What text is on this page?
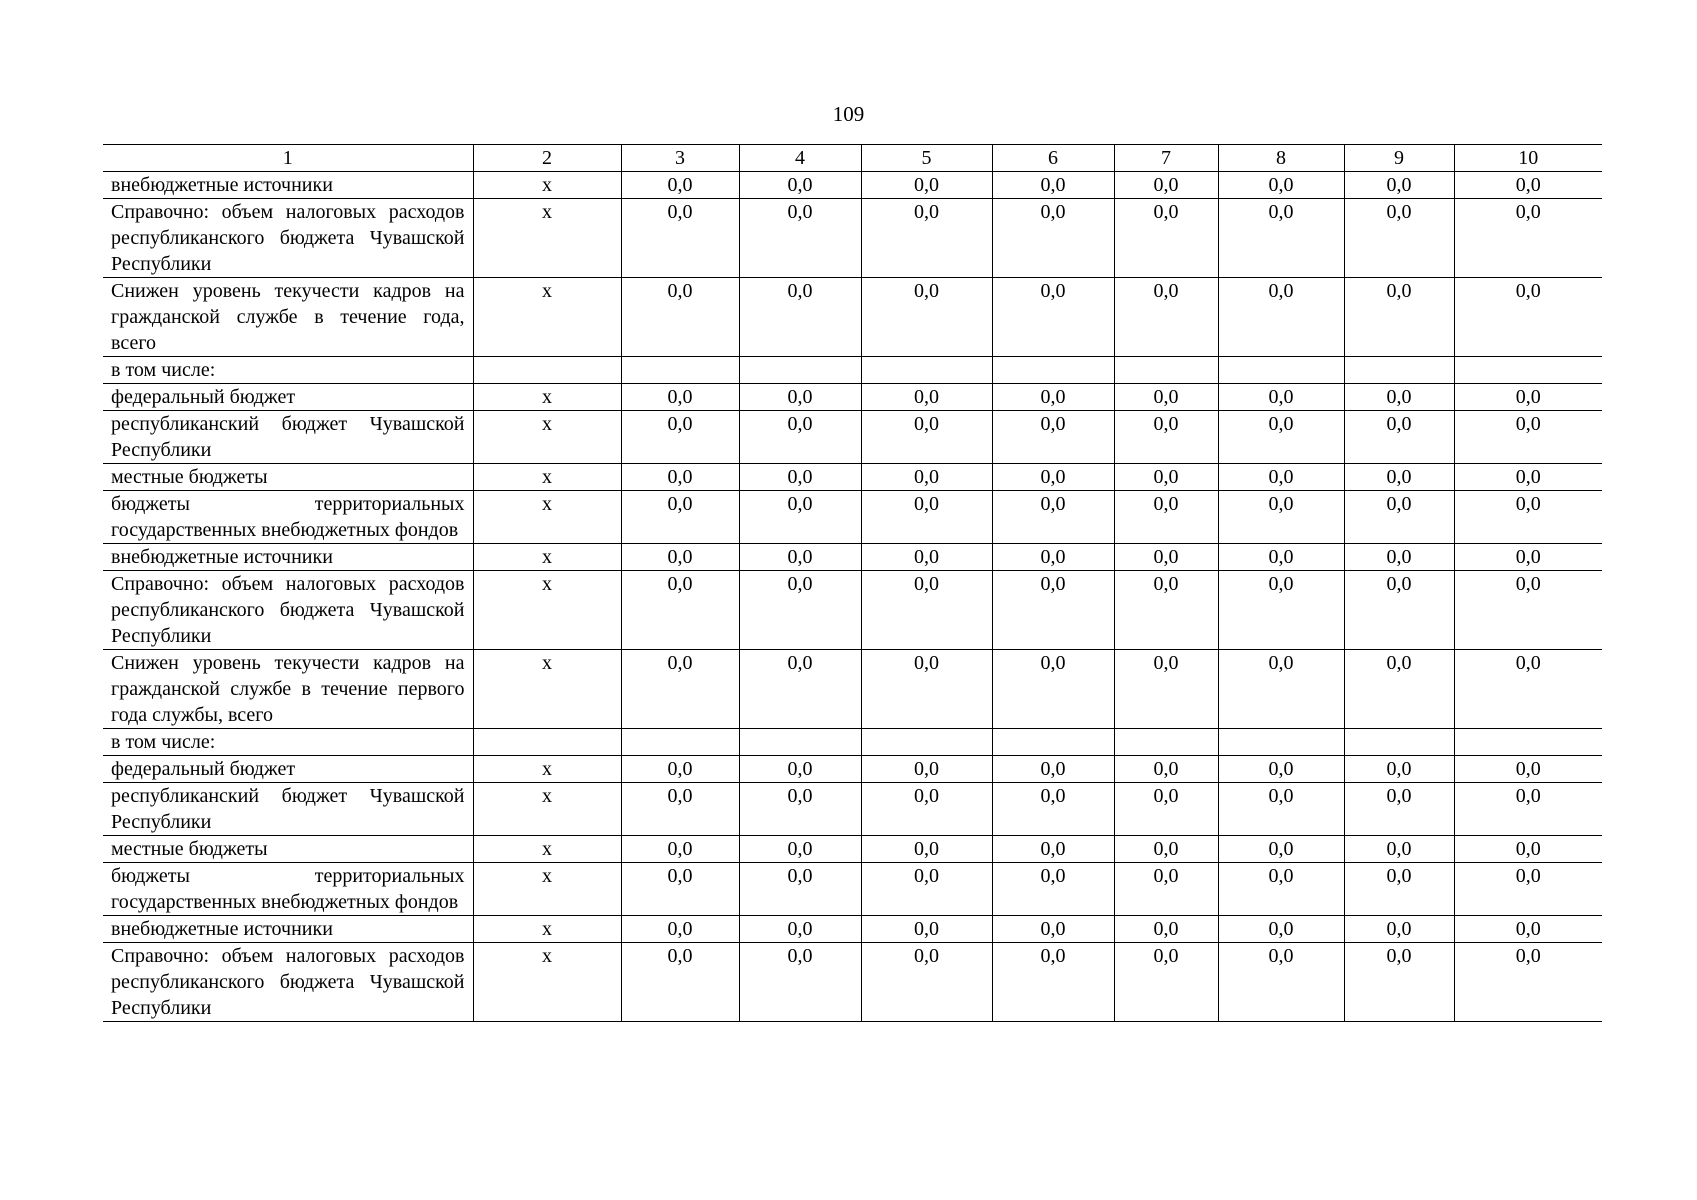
109
1	2	3	4	5	6	7	8	9	10
внебюджетные источники	х	0,0	0,0	0,0	0,0	0,0	0,0	0,0	0,0
Справочно: объем налоговых расходов республиканского бюджета Чувашской Республики	х	0,0	0,0	0,0	0,0	0,0	0,0	0,0	0,0
Снижен уровень текучести кадров на гражданской службе в течение года, всего	х	0,0	0,0	0,0	0,0	0,0	0,0	0,0	0,0
в том числе:									
федеральный бюджет	х	0,0	0,0	0,0	0,0	0,0	0,0	0,0	0,0
республиканский бюджет Чувашской Республики	х	0,0	0,0	0,0	0,0	0,0	0,0	0,0	0,0
местные бюджеты	х	0,0	0,0	0,0	0,0	0,0	0,0	0,0	0,0
бюджеты территориальных государственных внебюджетных фондов	х	0,0	0,0	0,0	0,0	0,0	0,0	0,0	0,0
внебюджетные источники	х	0,0	0,0	0,0	0,0	0,0	0,0	0,0	0,0
Справочно: объем налоговых расходов республиканского бюджета Чувашской Республики	х	0,0	0,0	0,0	0,0	0,0	0,0	0,0	0,0
Снижен уровень текучести кадров на гражданской службе в течение первого года службы, всего	х	0,0	0,0	0,0	0,0	0,0	0,0	0,0	0,0
в том числе:									
федеральный бюджет	х	0,0	0,0	0,0	0,0	0,0	0,0	0,0	0,0
республиканский бюджет Чувашской Республики	х	0,0	0,0	0,0	0,0	0,0	0,0	0,0	0,0
местные бюджеты	х	0,0	0,0	0,0	0,0	0,0	0,0	0,0	0,0
бюджеты территориальных государственных внебюджетных фондов	х	0,0	0,0	0,0	0,0	0,0	0,0	0,0	0,0
внебюджетные источники	х	0,0	0,0	0,0	0,0	0,0	0,0	0,0	0,0
Справочно: объем налоговых расходов республиканского бюджета Чувашской Республики	х	0,0	0,0	0,0	0,0	0,0	0,0	0,0	0,0
